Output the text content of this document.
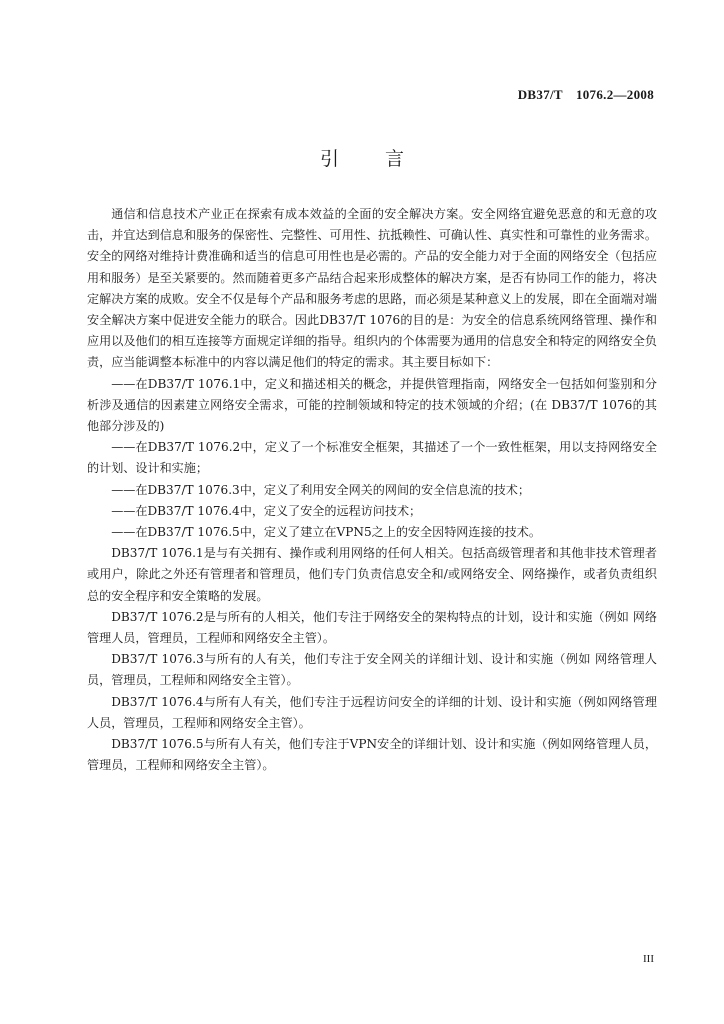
DB37/T　1076.2—2008
引言

通信和信息技术产业正在探索有成本效益的全面的安全解决方案。安全网络宜避免恶意的和无意的攻击，并宜达到信息和服务的保密性、完整性、可用性、抗抵赖性、可确认性、真实性和可靠性的业务需求。安全的网络对维持计费准确和适当的信息可用性也是必需的。产品的安全能力对于全面的网络安全（包括应用和服务）是至关紧要的。然而随着更多产品结合起来形成整体的解决方案，是否有协同工作的能力，将决定解决方案的成败。安全不仅是每个产品和服务考虑的思路，而必须是某种意义上的发展，即在全面端对端安全解决方案中促进安全能力的联合。因此DB37/T 1076的目的是：为安全的信息系统网络管理、操作和应用以及他们的相互连接等方面规定详细的指导。组织内的个体需要为通用的信息安全和特定的网络安全负责，应当能调整本标准中的内容以满足他们的特定的需求。其主要目标如下：

——在DB37/T 1076.1中，定义和描述相关的概念，并提供管理指南，网络安全一包括如何鉴别和分析涉及通信的因素建立网络安全需求，可能的控制领域和特定的技术领域的介绍；(在 DB37/T 1076的其他部分涉及的)

——在DB37/T 1076.2中，定义了一个标准安全框架，其描述了一个一致性框架，用以支持网络安全的计划、设计和实施；

——在DB37/T 1076.3中，定义了利用安全网关的网间的安全信息流的技术；

——在DB37/T 1076.4中，定义了安全的远程访问技术；

——在DB37/T 1076.5中，定义了建立在VPN5之上的安全因特网连接的技术。

DB37/T 1076.1是与有关拥有、操作或利用网络的任何人相关。包括高级管理者和其他非技术管理者或用户，除此之外还有管理者和管理员，他们专门负责信息安全和/或网络安全、网络操作，或者负责组织总的安全程序和安全策略的发展。

DB37/T 1076.2是与所有的人相关，他们专注于网络安全的架构特点的计划，设计和实施（例如 网络管理人员，管理员，工程师和网络安全主管）。

DB37/T 1076.3与所有的人有关，他们专注于安全网关的详细计划、设计和实施（例如 网络管理人员，管理员，工程师和网络安全主管）。

DB37/T 1076.4与所有人有关，他们专注于远程访问安全的详细的计划、设计和实施（例如网络管理人员，管理员，工程师和网络安全主管）。

DB37/T 1076.5与所有人有关，他们专注于VPN安全的详细计划、设计和实施（例如网络管理人员，管理员，工程师和网络安全主管）。

III
